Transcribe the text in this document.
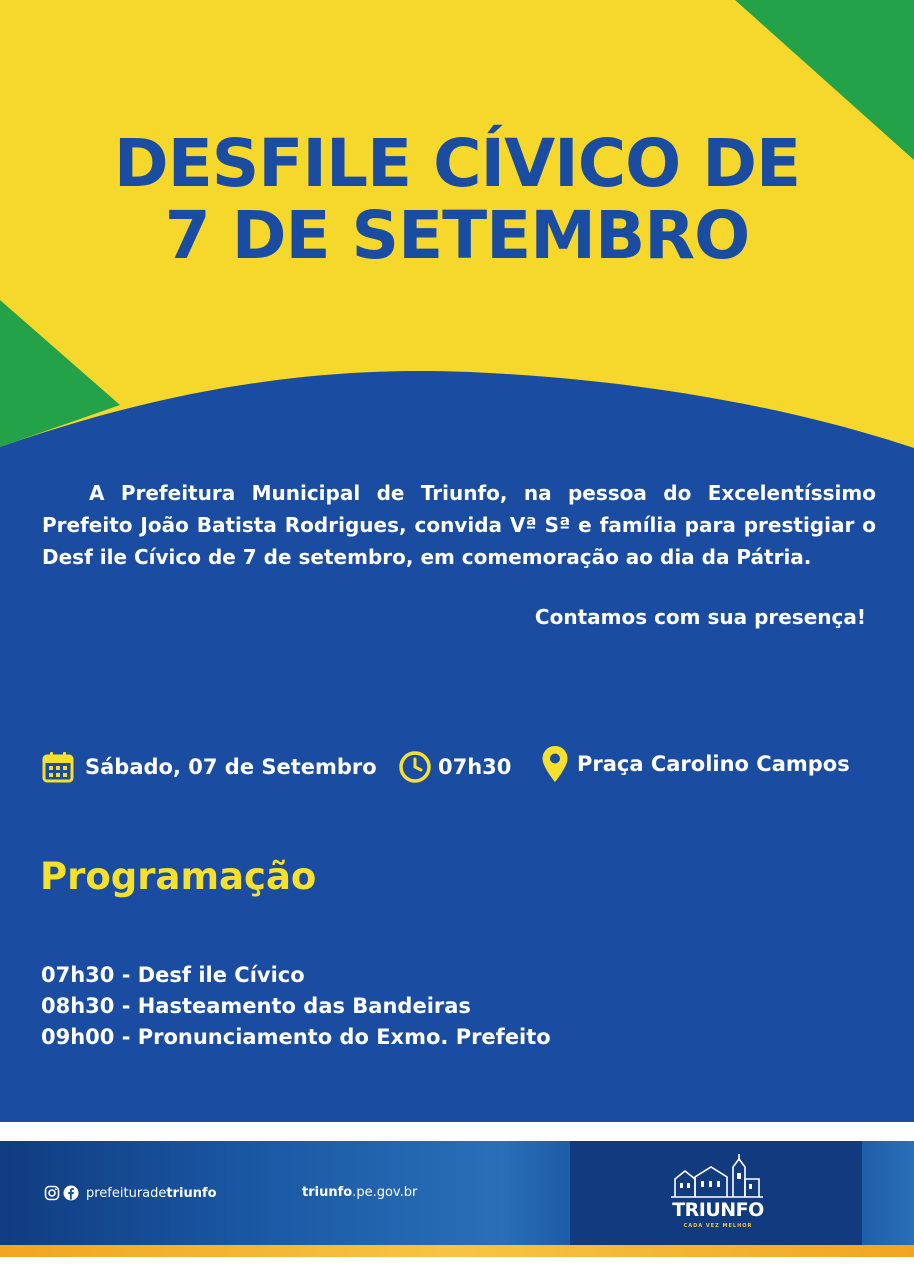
DESFILE CÍVICO DE
7 DE SETEMBRO
A Prefeitura Municipal de Triunfo, na pessoa do Excelentíssimo Prefeito João Batista Rodrigues, convida Vª Sª e família para prestigiar o Desf ile Cívico de 7 de setembro, em comemoração ao dia da Pátria.
Contamos com sua presença!
Sábado, 07 de Setembro	07h30	Praça Carolino Campos
Programação
07h30 - Desf ile Cívico
08h30 - Hasteamento das Bandeiras
09h00 - Pronunciamento do Exmo. Prefeito
prefeituradetriunfo	triunfo.pe.gov.br
TRIUNFO
CADA VEZ MELHOR
